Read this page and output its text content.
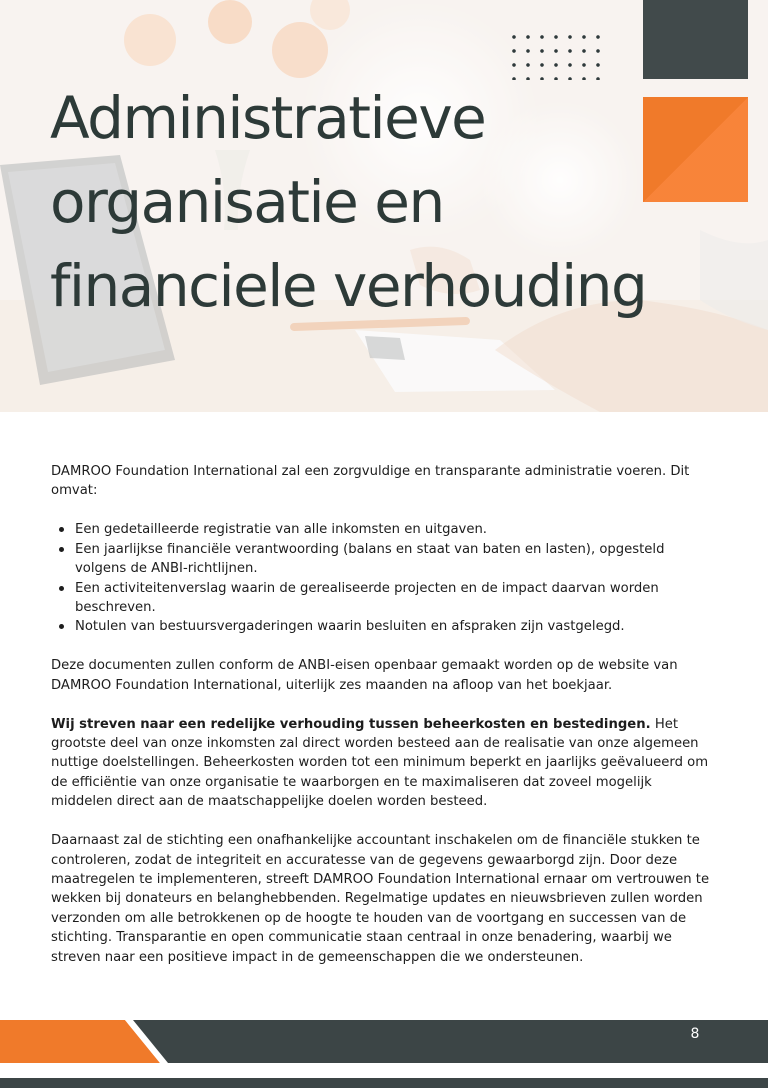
Administratieve
organisatie en
financiele verhouding

DAMROO Foundation International zal een zorgvuldige en transparante administratie voeren. Dit omvat:

Een gedetailleerde registratie van alle inkomsten en uitgaven.
Een jaarlijkse financiële verantwoording (balans en staat van baten en lasten), opgesteld volgens de ANBI-richtlijnen.
Een activiteitenverslag waarin de gerealiseerde projecten en de impact daarvan worden beschreven.
Notulen van bestuursvergaderingen waarin besluiten en afspraken zijn vastgelegd.

Deze documenten zullen conform de ANBI-eisen openbaar gemaakt worden op de website van DAMROO Foundation International, uiterlijk zes maanden na afloop van het boekjaar.

Wij streven naar een redelijke verhouding tussen beheerkosten en bestedingen. Het grootste deel van onze inkomsten zal direct worden besteed aan de realisatie van onze algemeen nuttige doelstellingen. Beheerkosten worden tot een minimum beperkt en jaarlijks geëvalueerd om de efficiëntie van onze organisatie te waarborgen en te maximaliseren dat zoveel mogelijk middelen direct aan de maatschappelijke doelen worden besteed.

Daarnaast zal de stichting een onafhankelijke accountant inschakelen om de financiële stukken te controleren, zodat de integriteit en accuratesse van de gegevens gewaarborgd zijn. Door deze maatregelen te implementeren, streeft DAMROO Foundation International ernaar om vertrouwen te wekken bij donateurs en belanghebbenden. Regelmatige updates en nieuwsbrieven zullen worden verzonden om alle betrokkenen op de hoogte te houden van de voortgang en successen van de stichting. Transparantie en open communicatie staan centraal in onze benadering, waarbij we streven naar een positieve impact in de gemeenschappen die we ondersteunen.

8
